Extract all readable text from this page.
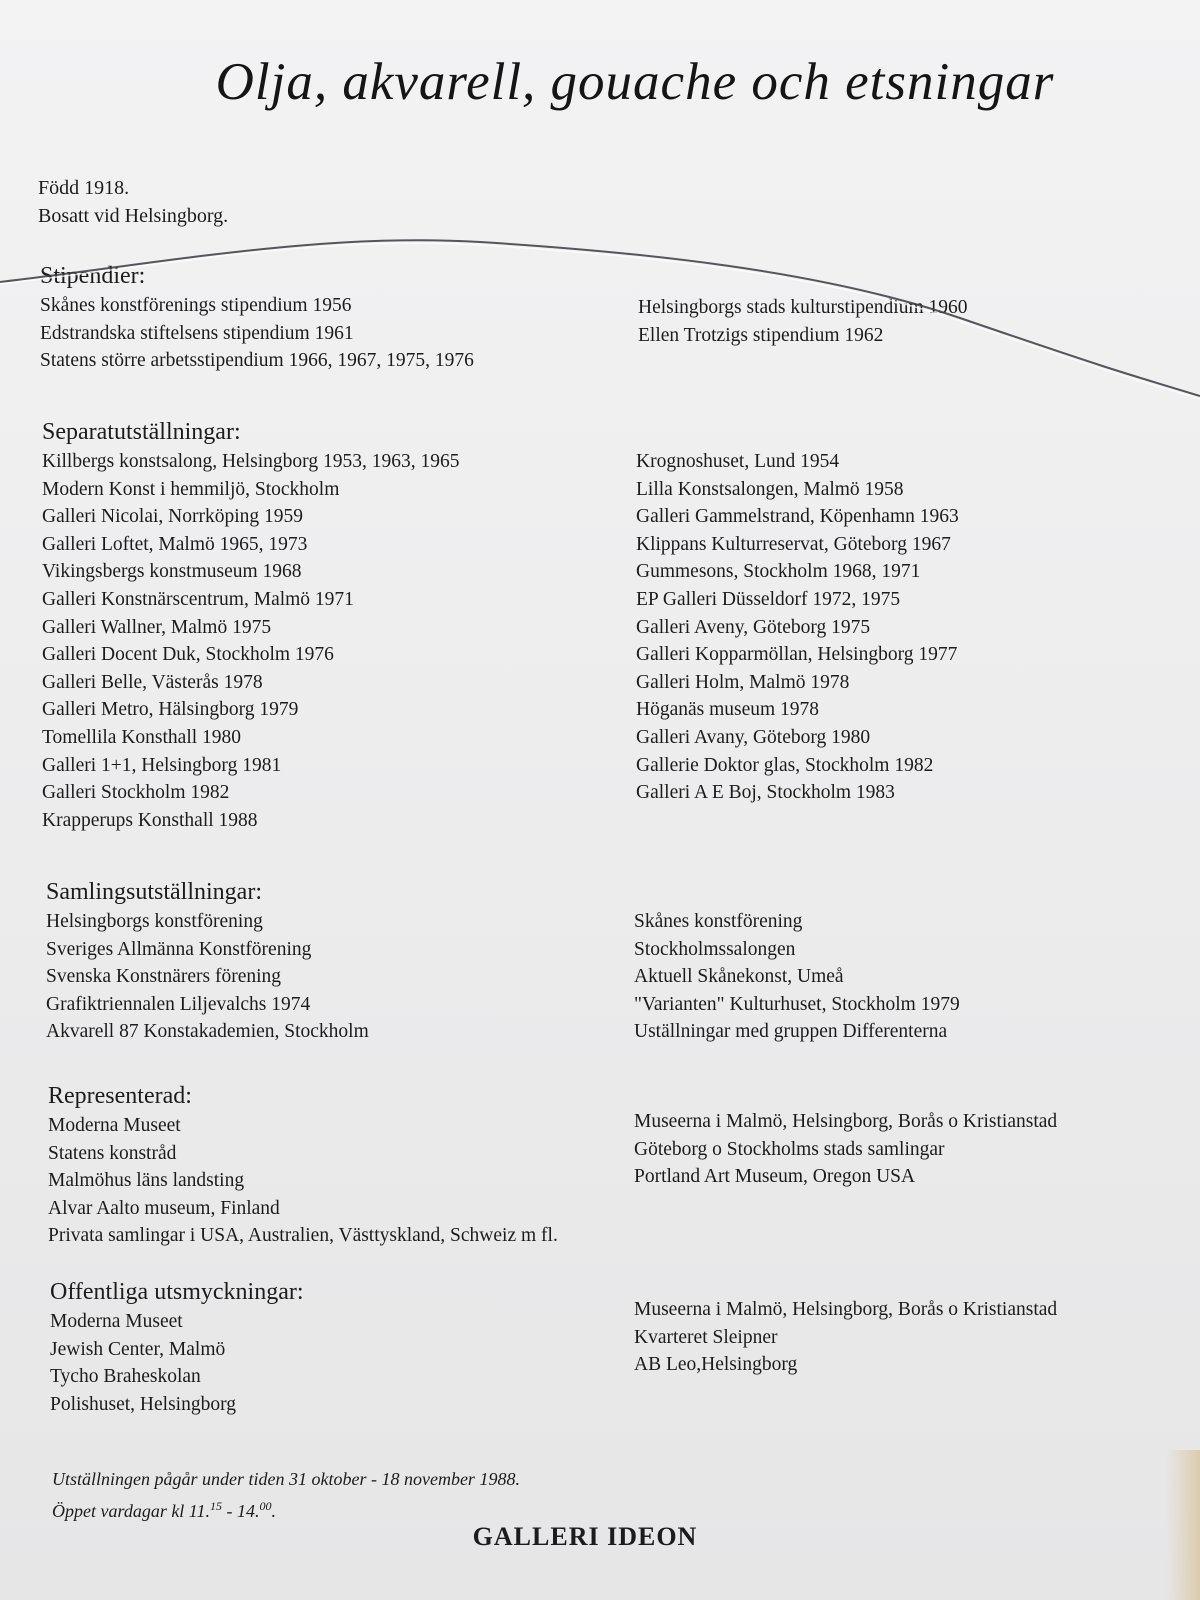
Olja, akvarell, gouache och etsningar
Född 1918.
Bosatt vid Helsingborg.
Stipendier:
Skånes konstförenings stipendium 1956
Edstrandska stiftelsens stipendium 1961
Statens större arbetsstipendium 1966, 1967, 1975, 1976
Helsingborgs stads kulturstipendium 1960
Ellen Trotzigs stipendium 1962
Separatutställningar:
Killbergs konstsalong, Helsingborg 1953, 1963, 1965
Modern Konst i hemmiljö, Stockholm
Galleri Nicolai, Norrköping 1959
Galleri Loftet, Malmö 1965, 1973
Vikingsbergs konstmuseum 1968
Galleri Konstnärscentrum, Malmö 1971
Galleri Wallner, Malmö 1975
Galleri Docent Duk, Stockholm 1976
Galleri Belle, Västerås 1978
Galleri Metro, Hälsingborg 1979
Tomellila Konsthall 1980
Galleri 1+1, Helsingborg 1981
Galleri Stockholm 1982
Krapperups Konsthall 1988
Krognoshuset, Lund 1954
Lilla Konstsalongen, Malmö 1958
Galleri Gammelstrand, Köpenhamn 1963
Klippans Kulturreservat, Göteborg 1967
Gummesons, Stockholm 1968, 1971
EP Galleri Düsseldorf 1972, 1975
Galleri Aveny, Göteborg 1975
Galleri Kopparmöllan, Helsingborg 1977
Galleri Holm, Malmö 1978
Höganäs museum 1978
Galleri Avany, Göteborg 1980
Gallerie Doktor glas, Stockholm 1982
Galleri A E Boj, Stockholm 1983
Samlingsutställningar:
Helsingborgs konstförening
Sveriges Allmänna Konstförening
Svenska Konstnärers förening
Grafiktriennalen Liljevalchs 1974
Akvarell 87 Konstakademien, Stockholm
Skånes konstförening
Stockholmssalongen
Aktuell Skånekonst, Umeå
"Varianten" Kulturhuset, Stockholm 1979
Uställningar med gruppen Differenterna
Representerad:
Moderna Museet
Statens konstråd
Malmöhus läns landsting
Alvar Aalto museum, Finland
Privata samlingar i USA, Australien, Västtyskland, Schweiz m fl.
Museerna i Malmö, Helsingborg, Borås o Kristianstad
Göteborg o Stockholms stads samlingar
Portland Art Museum, Oregon USA
Offentliga utsmyckningar:
Moderna Museet
Jewish Center, Malmö
Tycho Braheskolan
Polishuset, Helsingborg
Museerna i Malmö, Helsingborg, Borås o Kristianstad
Kvarteret Sleipner
AB Leo,Helsingborg
Utställningen pågår under tiden 31 oktober - 18 november 1988.
Öppet vardagar kl 11.15 - 14.00.
GALLERI IDEON
